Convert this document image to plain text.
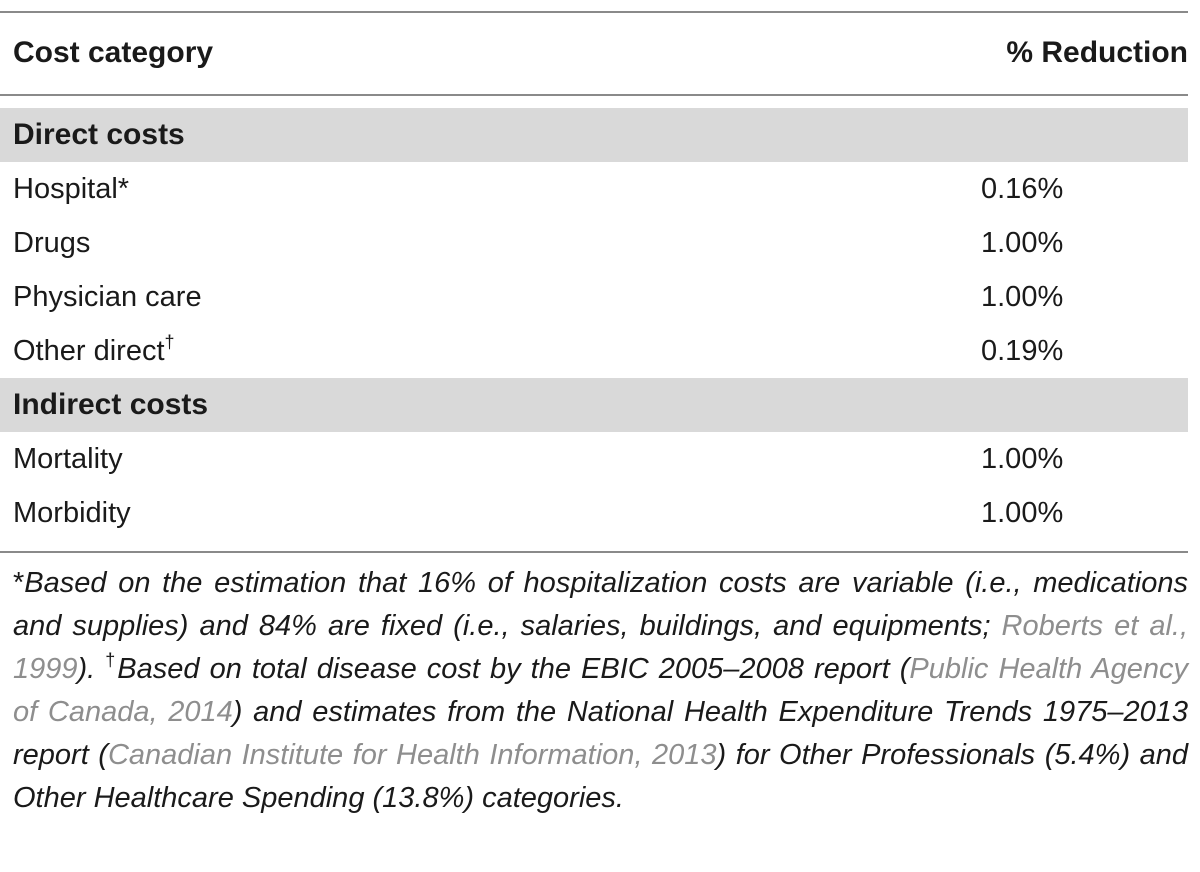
Cost category	% Reduction
Direct costs
Hospital*	0.16%
Drugs	1.00%
Physician care	1.00%
Other direct†	0.19%
Indirect costs
Mortality	1.00%
Morbidity	1.00%
*Based on the estimation that 16% of hospitalization costs are variable (i.e., medications and supplies) and 84% are fixed (i.e., salaries, buildings, and equipments; Roberts et al., 1999). †Based on total disease cost by the EBIC 2005–2008 report (Public Health Agency of Canada, 2014) and estimates from the National Health Expenditure Trends 1975–2013 report (Canadian Institute for Health Information, 2013) for Other Professionals (5.4%) and Other Healthcare Spending (13.8%) categories.
